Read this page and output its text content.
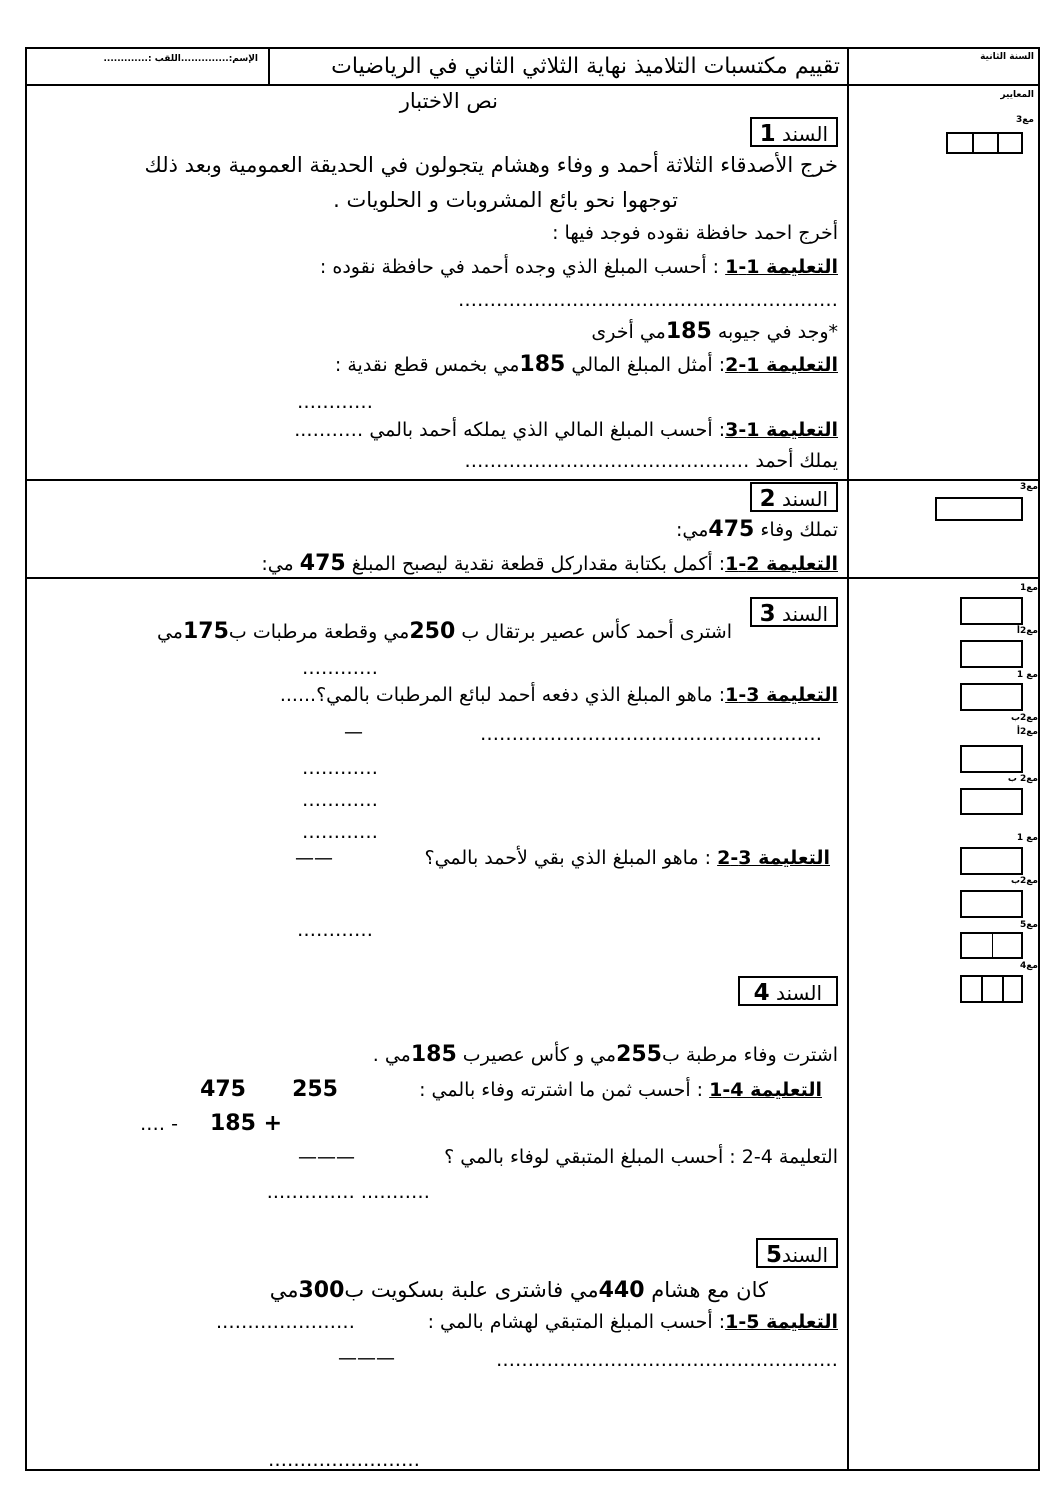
السنة الثانية
تقييم مكتسبات التلاميذ نهاية الثلاثي الثاني في الرياضيات
الإسم:..............اللقب :.............
المعايير
نص الاختبار
السند 1
خرج الأصدقاء الثلاثة أحمد و وفاء وهشام يتجولون في الحديقة العمومية وبعد ذلك
توجهوا نحو بائع المشروبات و الحلويات .
أخرج احمد حافظة نقوده فوجد فيها :
التعليمة 1-1 : أحسب المبلغ الذي وجده أحمد في حافظة نقوده :
……………………………………………………
*وجد في جيوبه 185مي أخرى
التعليمة 1-2: أمثل المبلغ المالي 185مي بخمس قطع نقدية :
…………
التعليمة 1-3: أحسب المبلغ المالي الذي يملكه أحمد بالمي ………..
يملك أحمد ………………………………………
السند 2
تملك وفاء 475مي:
التعليمة 2-1: أكمل بكتابة مقداركل قطعة نقدية ليصبح المبلغ 475 مي:
السند 3
اشترى أحمد كأس عصير برتقال ب 250مي وقطعة مرطبات ب175مي
…………
التعليمة 3-1: ماهو المبلغ الذي دفعه أحمد لبائع المرطبات بالمي؟......
………………………………………………
—
…………
…………
…………
التعليمة 3-2 : ماهو المبلغ الذي بقي لأحمد بالمي؟
——
…………
السند 4
اشترت وفاء مرطبة ب255مي و كأس عصيرب 185مي .
التعليمة 4-1 : أحسب ثمن ما اشترته وفاء بالمي :
255
475
+ 185
- ….
التعليمة 4-2 : أحسب المبلغ المتبقي لوفاء بالمي ؟
———
……….. …………..
السند5
كان مع هشام 440مي فاشترى علبة بسكويت ب300مي
التعليمة 5-1: أحسب المبلغ المتبقي لهشام بالمي :
………………….
———	………………………………………………
……………………
مع3
مع3
مع1
مع2أ
مع 1
مع2ب
مع2أ
مع2 ب
مع 1
مع2ب
مع5
مع4
